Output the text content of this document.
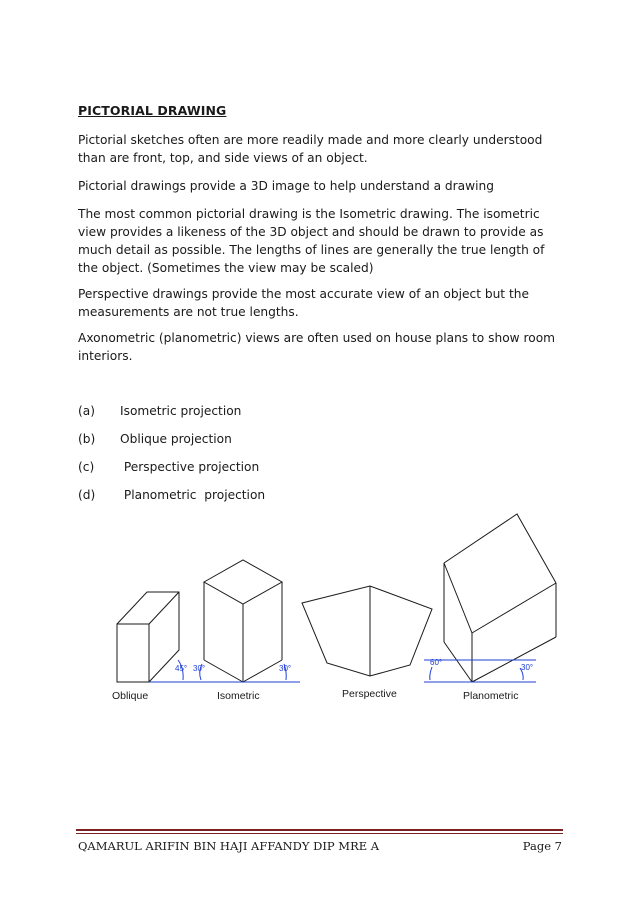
PICTORIAL DRAWING

Pictorial sketches often are more readily made and more clearly understood than are front, top, and side views of an object.

Pictorial drawings provide a 3D image to help understand a drawing

The most common pictorial drawing is the Isometric drawing. The isometric view provides a likeness of the 3D object and should be drawn to provide as much detail as possible. The lengths of lines are generally the true length of the object. (Sometimes the view may be scaled)

Perspective drawings provide the most accurate view of an object but the measurements are not true lengths.

Axonometric (planometric) views are often used on house plans to show room interiors.

(a) Isometric projection
(b) Oblique projection
(c) Perspective projection
(d) Planometric  projection
45° 30°	30°
60°
30°
Oblique	Isometric	Perspective	Planometric
QAMARUL ARIFIN BIN HAJI AFFANDY DIP MRE A	Page 7
